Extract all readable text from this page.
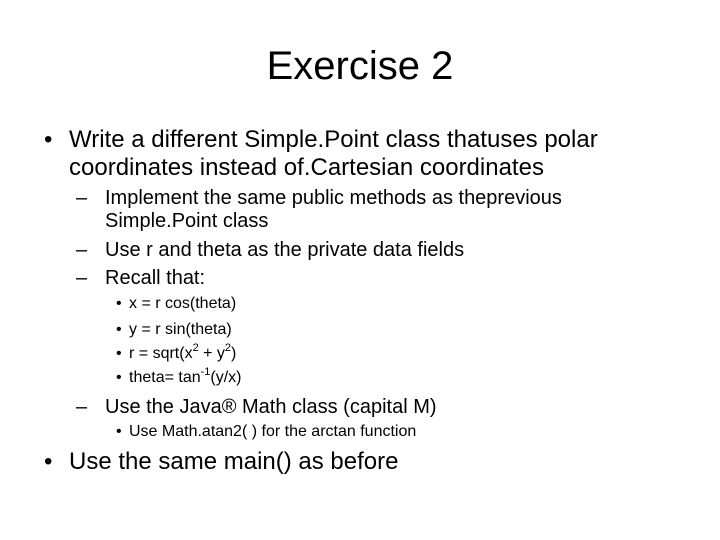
Exercise 2
• Write a different Simple.Point class thatuses polar
coordinates instead of.Cartesian coordinates
– Implement the same public methods as theprevious
Simple.Point class
– Use r and theta as the private data fields
– Recall that:
• x = r cos(theta)
• y = r sin(theta)
• $r = sqrt(x^2 + y^2)$
• theta= $\tan^{-1}(y/x)$
– Use the Java® Math class (capital M)
• Use Math.atan2( ) for the arctan function
• Use the same main() as before
